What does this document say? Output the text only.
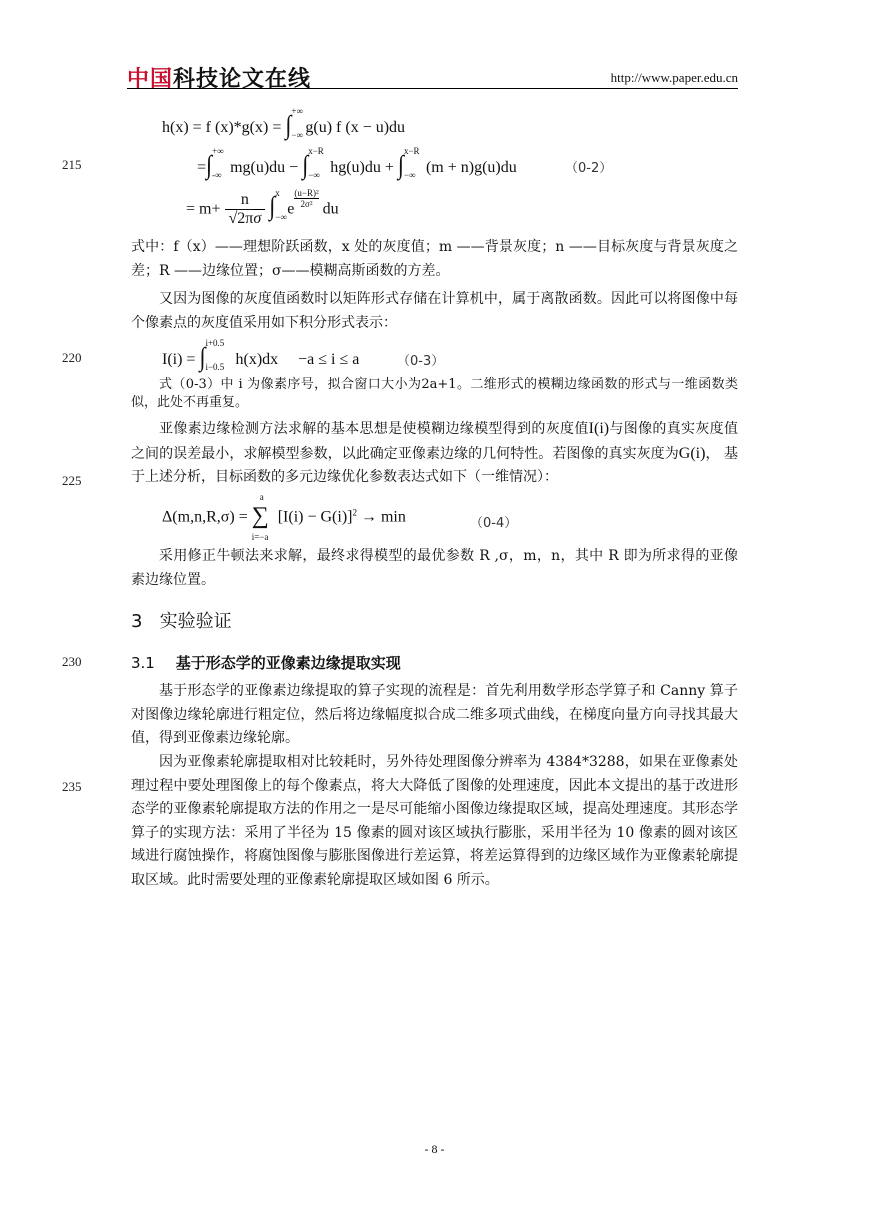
中国科技论文在线	http://www.paper.edu.cn
h(x) = f (x)*g(x) = ∫ +∞
−∞ g(u) f (x − u)du
215	=∫ +∞
-∞ mg(u)du − ∫ x−R
−∞ hg(u)du + ∫ x−R
−∞ (m + n)g(u)du	（0-2）
= $m+ \frac{n}{√2\pi\sigma}$ ∫ x
−∞ e $\frac{\text{(u−R)²}}{\text{2σ²}}$ du
式中：f（x）——理想阶跃函数，x 处的灰度值；m ——背景灰度；n ——目标灰度与背景灰度之差；R ——边缘位置；σ——模糊高斯函数的方差。
又因为图像的灰度值函数时以矩阵形式存储在计算机中，属于离散函数。因此可以将图像中每个像素点的灰度值采用如下积分形式表示：
220	I(i) = ∫ i+0.5
i−0.5 h(x)dx     −a ≤ i ≤ a	（0-3）
式（0-3）中 i 为像素序号，拟合窗口大小为2a+1。二维形式的模糊边缘函数的形式与一维函数类似，此处不再重复。
亚像素边缘检测方法求解的基本思想是使模糊边缘模型得到的灰度值I(i)与图像的真实灰度值之间的误差最小，求解模型参数，以此确定亚像素边缘的几何特性。若图像的真实灰度为G(i)， 基于上述分析，目标函数的多元边缘优化参数表达式如下（一维情况）：
225
Δ(m,n,R,σ) =
a
∑
i=−a
$[I(i) - G(i)]^2 \to \min$	（0-4）
采用修正牛顿法来求解，最终求得模型的最优参数 R ,σ，m，n，其中 R 即为所求得的亚像素边缘位置。
3 实验验证
230	3.1 基于形态学的亚像素边缘提取实现
基于形态学的亚像素边缘提取的算子实现的流程是：首先利用数学形态学算子和 Canny 算子对图像边缘轮廓进行粗定位，然后将边缘幅度拟合成二维多项式曲线，在梯度向量方向寻找其最大值，得到亚像素边缘轮廓。
235
因为亚像素轮廓提取相对比较耗时，另外待处理图像分辨率为 4384*3288，如果在亚像素处理过程中要处理图像上的每个像素点，将大大降低了图像的处理速度，因此本文提出的基于改进形态学的亚像素轮廓提取方法的作用之一是尽可能缩小图像边缘提取区域，提高处理速度。其形态学算子的实现方法：采用了半径为 15 像素的圆对该区域执行膨胀，采用半径为 10 像素的圆对该区域进行腐蚀操作，将腐蚀图像与膨胀图像进行差运算，将差运算得到的边缘区域作为亚像素轮廓提取区域。此时需要处理的亚像素轮廓提取区域如图 6 所示。
- 8 -
